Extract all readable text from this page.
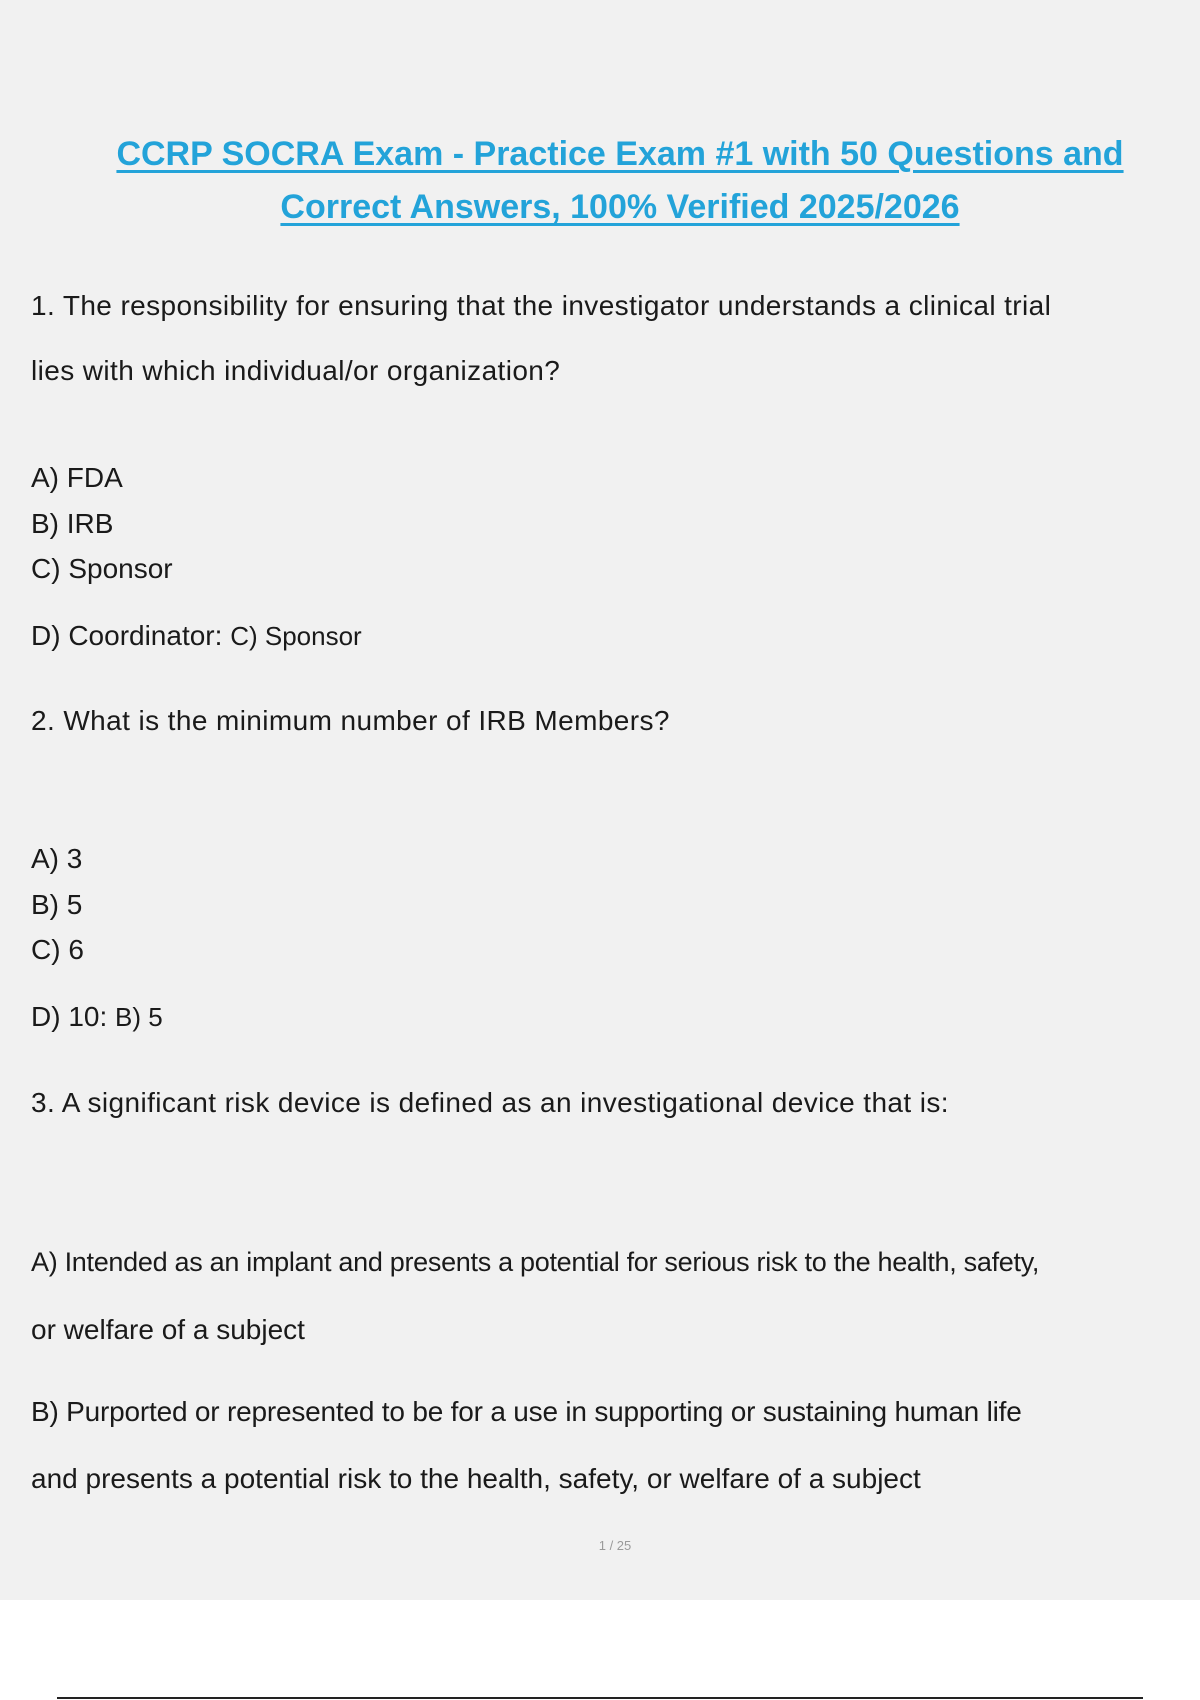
CCRP SOCRA Exam - Practice Exam #1 with 50 Questions and
Correct Answers, 100% Verified 2025/2026
1. The responsibility for ensuring that the investigator understands a clinical trial
lies with which individual/or organization?
A) FDA
B) IRB
C) Sponsor
D) Coordinator: C) Sponsor
2. What is the minimum number of IRB Members?
A) 3
B) 5
C) 6
D) 10: B) 5
3. A significant risk device is defined as an investigational device that is:
A) Intended as an implant and presents a potential for serious risk to the health, safety,
or welfare of a subject
B) Purported or represented to be for a use in supporting or sustaining human life
and presents a potential risk to the health, safety, or welfare of a subject
1 / 25
